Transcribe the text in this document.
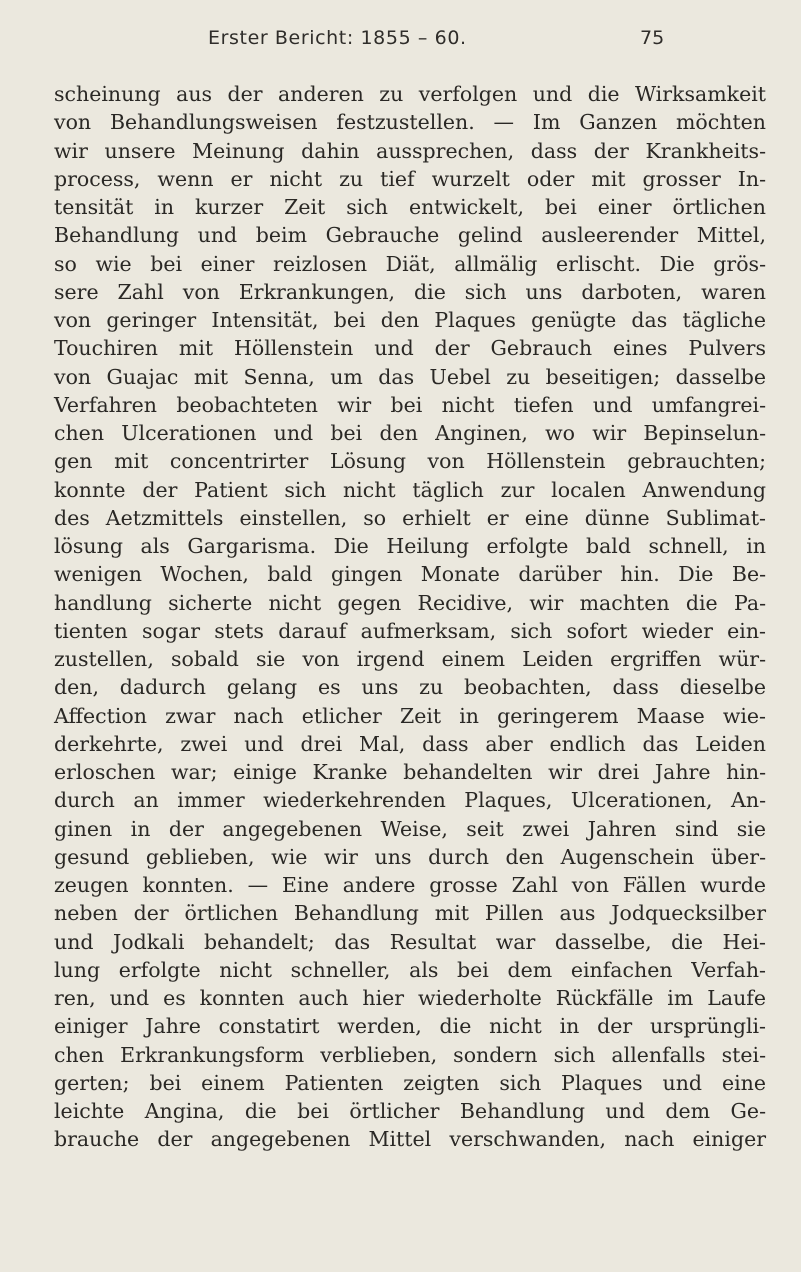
Erster Bericht: 1855 – 60.	75
scheinung aus der anderen zu verfolgen und die Wirksamkeit
von Behandlungsweisen festzustellen. — Im Ganzen möchten
wir unsere Meinung dahin aussprechen, dass der Krankheits-
process, wenn er nicht zu tief wurzelt oder mit grosser In-
tensität in kurzer Zeit sich entwickelt, bei einer örtlichen
Behandlung und beim Gebrauche gelind ausleerender Mittel,
so wie bei einer reizlosen Diät, allmälig erlischt. Die grös-
sere Zahl von Erkrankungen, die sich uns darboten, waren
von geringer Intensität, bei den Plaques genügte das tägliche
Touchiren mit Höllenstein und der Gebrauch eines Pulvers
von Guajac mit Senna, um das Uebel zu beseitigen; dasselbe
Verfahren beobachteten wir bei nicht tiefen und umfangrei-
chen Ulcerationen und bei den Anginen, wo wir Bepinselun-
gen mit concentrirter Lösung von Höllenstein gebrauchten;
konnte der Patient sich nicht täglich zur localen Anwendung
des Aetzmittels einstellen, so erhielt er eine dünne Sublimat-
lösung als Gargarisma. Die Heilung erfolgte bald schnell, in
wenigen Wochen, bald gingen Monate darüber hin. Die Be-
handlung sicherte nicht gegen Recidive, wir machten die Pa-
tienten sogar stets darauf aufmerksam, sich sofort wieder ein-
zustellen, sobald sie von irgend einem Leiden ergriffen wür-
den, dadurch gelang es uns zu beobachten, dass dieselbe
Affection zwar nach etlicher Zeit in geringerem Maase wie-
derkehrte, zwei und drei Mal, dass aber endlich das Leiden
erloschen war; einige Kranke behandelten wir drei Jahre hin-
durch an immer wiederkehrenden Plaques, Ulcerationen, An-
ginen in der angegebenen Weise, seit zwei Jahren sind sie
gesund geblieben, wie wir uns durch den Augenschein über-
zeugen konnten. — Eine andere grosse Zahl von Fällen wurde
neben der örtlichen Behandlung mit Pillen aus Jodquecksilber
und Jodkali behandelt; das Resultat war dasselbe, die Hei-
lung erfolgte nicht schneller, als bei dem einfachen Verfah-
ren, und es konnten auch hier wiederholte Rückfälle im Laufe
einiger Jahre constatirt werden, die nicht in der ursprüngli-
chen Erkrankungsform verblieben, sondern sich allenfalls stei-
gerten; bei einem Patienten zeigten sich Plaques und eine
leichte Angina, die bei örtlicher Behandlung und dem Ge-
brauche der angegebenen Mittel verschwanden, nach einiger
